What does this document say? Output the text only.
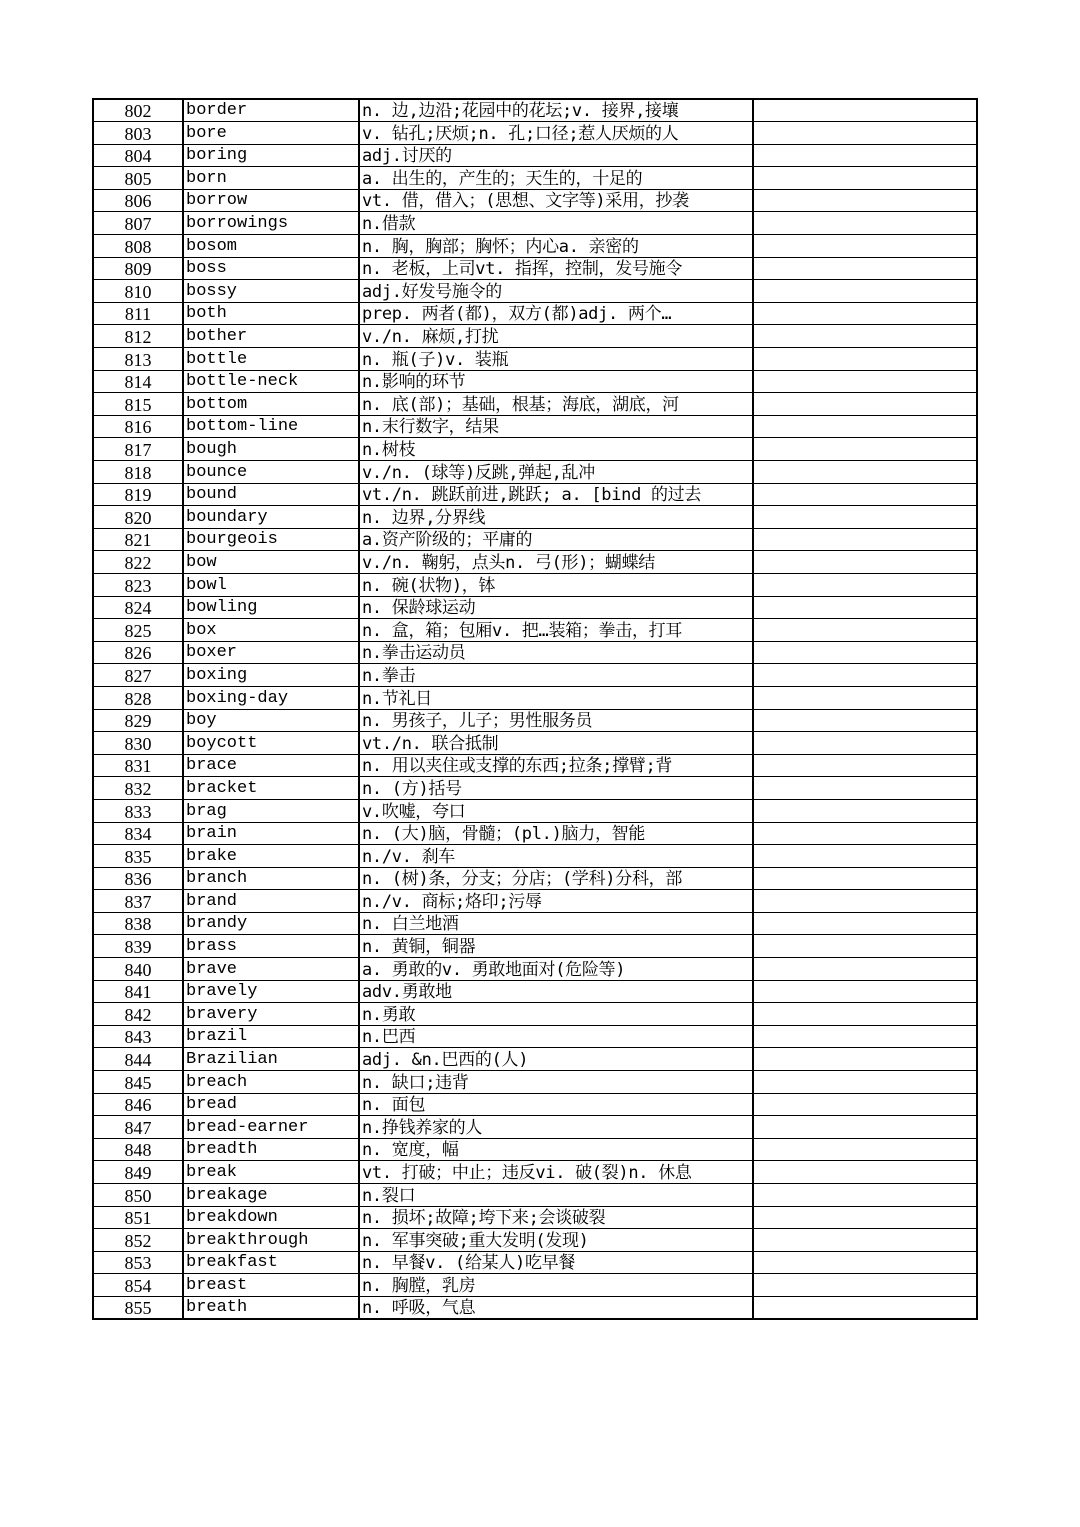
802	border	n. 边,边沿;花园中的花坛;v. 接界,接壤	
803	bore	v. 钻孔;厌烦;n. 孔;口径;惹人厌烦的人	
804	boring	adj.讨厌的	
805	born	a. 出生的，产生的；天生的，十足的	
806	borrow	vt. 借，借入；(思想、文字等)采用，抄袭	
807	borrowings	n.借款	
808	bosom	n. 胸，胸部；胸怀；内心a. 亲密的	
809	boss	n. 老板，上司vt. 指挥，控制，发号施令	
810	bossy	adj.好发号施令的	
811	both	prep. 两者(都)，双方(都)adj. 两个…	
812	bother	v./n. 麻烦,打扰	
813	bottle	n. 瓶(子)v. 装瓶	
814	bottle-neck	n.影响的环节	
815	bottom	n. 底(部)；基础，根基；海底，湖底，河	
816	bottom-line	n.末行数字，结果	
817	bough	n.树枝	
818	bounce	v./n. (球等)反跳,弹起,乱冲	
819	bound	vt./n. 跳跃前进,跳跃; a. [bind 的过去	
820	boundary	n. 边界,分界线	
821	bourgeois	a.资产阶级的；平庸的	
822	bow	v./n. 鞠躬，点头n. 弓(形)；蝴蝶结	
823	bowl	n. 碗(状物)，钵	
824	bowling	n. 保龄球运动	
825	box	n. 盒，箱；包厢v. 把…装箱；拳击，打耳	
826	boxer	n.拳击运动员	
827	boxing	n.拳击	
828	boxing-day	n.节礼日	
829	boy	n. 男孩子，儿子；男性服务员	
830	boycott	vt./n. 联合抵制	
831	brace	n. 用以夹住或支撑的东西;拉条;撑臂;背	
832	bracket	n. (方)括号	
833	brag	v.吹嘘，夸口	
834	brain	n. (大)脑，骨髓；(pl.)脑力，智能	
835	brake	n./v. 刹车	
836	branch	n. (树)条，分支；分店；(学科)分科，部	
837	brand	n./v. 商标;烙印;污辱	
838	brandy	n. 白兰地酒	
839	brass	n. 黄铜，铜器	
840	brave	a. 勇敢的v. 勇敢地面对(危险等)	
841	bravely	adv.勇敢地	
842	bravery	n.勇敢	
843	brazil	n.巴西	
844	Brazilian	adj. &n.巴西的(人)	
845	breach	n. 缺口;违背	
846	bread	n. 面包	
847	bread-earner	n.挣钱养家的人	
848	breadth	n. 宽度，幅	
849	break	vt. 打破；中止；违反vi. 破(裂)n. 休息	
850	breakage	n.裂口	
851	breakdown	n. 损坏;故障;垮下来;会谈破裂	
852	breakthrough	n. 军事突破;重大发明(发现)	
853	breakfast	n. 早餐v. (给某人)吃早餐	
854	breast	n. 胸膛，乳房	
855	breath	n. 呼吸，气息	
